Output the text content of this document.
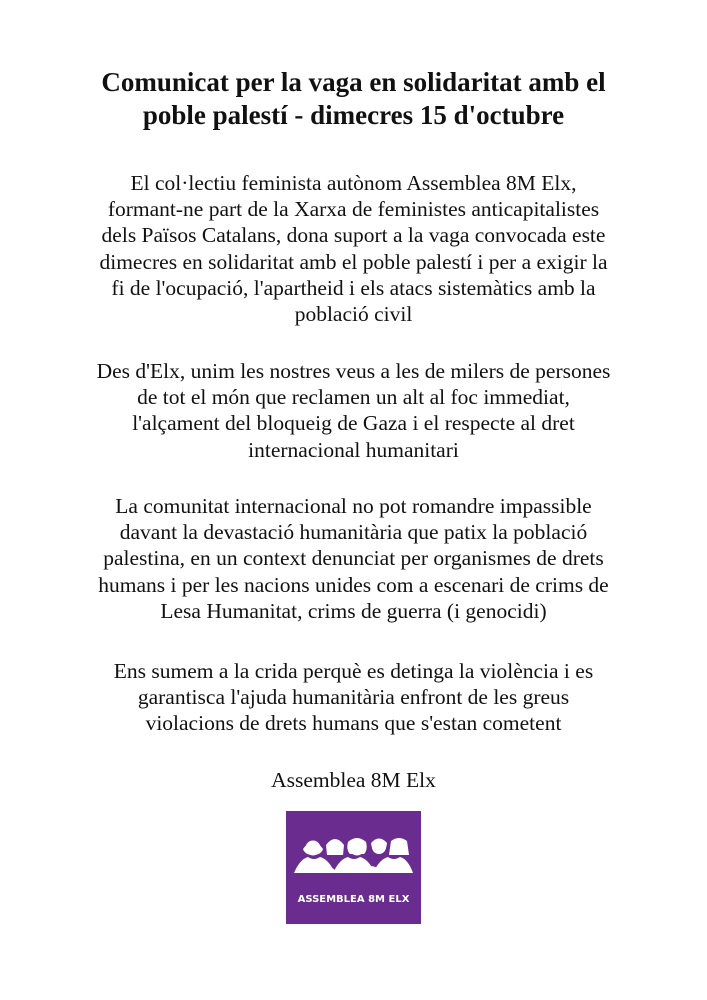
Comunicat per la vaga en solidaritat amb el
poble palestí - dimecres 15 d'octubre

El col·lectiu feminista autònom Assemblea 8M Elx,
formant-ne part de la Xarxa de feministes anticapitalistes
dels Països Catalans, dona suport a la vaga convocada este
dimecres en solidaritat amb el poble palestí i per a exigir la
fi de l'ocupació, l'apartheid i els atacs sistemàtics amb la
població civil

Des d'Elx, unim les nostres veus a les de milers de persones
de tot el món que reclamen un alt al foc immediat,
l'alçament del bloqueig de Gaza i el respecte al dret
internacional humanitari

La comunitat internacional no pot romandre impassible
davant la devastació humanitària que patix la població
palestina, en un context denunciat per organismes de drets
humans i per les nacions unides com a escenari de crims de
Lesa Humanitat, crims de guerra (i genocidi)

Ens sumem a la crida perquè es detinga la violència i es
garantisca l'ajuda humanitària enfront de les greus
violacions de drets humans que s'estan cometent

Assemblea 8M Elx

ASSEMBLEA 8M ELX
